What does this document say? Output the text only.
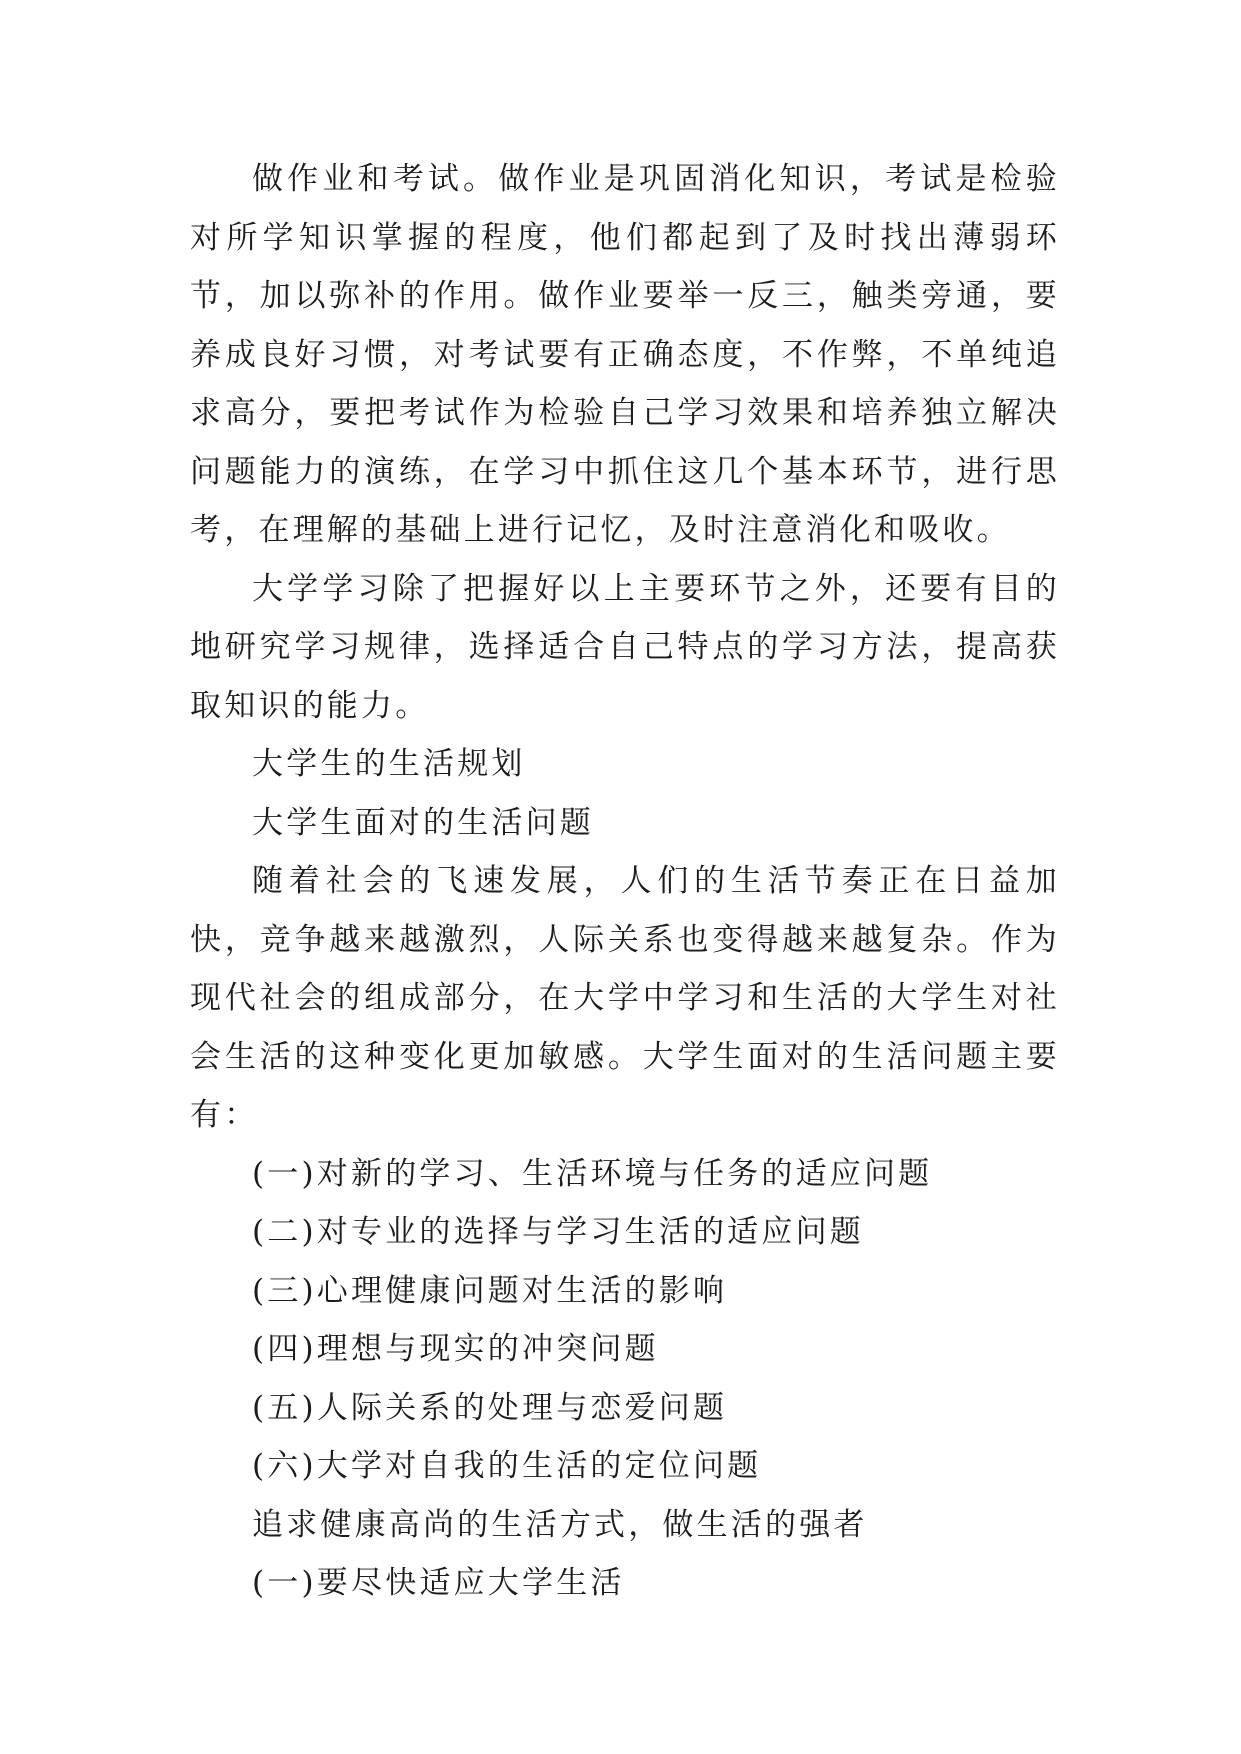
做作业和考试。做作业是巩固消化知识，考试是检验对所学知识掌握的程度，他们都起到了及时找出薄弱环节，加以弥补的作用。做作业要举一反三，触类旁通，要养成良好习惯，对考试要有正确态度，不作弊，不单纯追求高分，要把考试作为检验自己学习效果和培养独立解决问题能力的演练，在学习中抓住这几个基本环节，进行思考，在理解的基础上进行记忆，及时注意消化和吸收。

大学学习除了把握好以上主要环节之外，还要有目的地研究学习规律，选择适合自己特点的学习方法，提高获取知识的能力。

大学生的生活规划

大学生面对的生活问题

随着社会的飞速发展，人们的生活节奏正在日益加快，竞争越来越激烈，人际关系也变得越来越复杂。作为现代社会的组成部分，在大学中学习和生活的大学生对社会生活的这种变化更加敏感。大学生面对的生活问题主要有：

(一)对新的学习、生活环境与任务的适应问题

(二)对专业的选择与学习生活的适应问题

(三)心理健康问题对生活的影响

(四)理想与现实的冲突问题

(五)人际关系的处理与恋爱问题

(六)大学对自我的生活的定位问题

追求健康高尚的生活方式，做生活的强者

(一)要尽快适应大学生活
